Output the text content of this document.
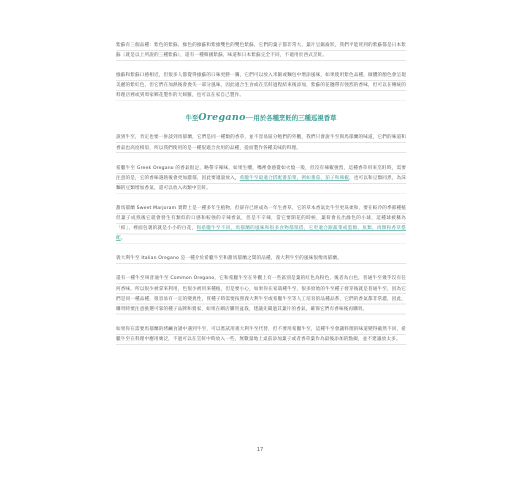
紫蘇有三個品種：紫色的紫蘇、綠色的綠蘇和紫綠雙色的雙色紫蘇，它們的葉子都非常大，葉片呈鋸齒狀，我們平能買到的紫蘇都是日本紫蘇（就是以上所說的三種紫蘇），還有一種韓國紫蘇，味道和日本紫蘇完全不同，不適用於西式烹飪。

綠蘇和紫蘇口感相近，但很多人都覺得綠蘇的口味更勝一籌，它們可以放入米飯或麵包中增添風味，如果使用紫色品種，做體的顏色會呈現美麗的紫紅色，但它們在加熱後會喪失一部分風味，因此適合生食或在烹飪過程結束後添加，紫蘇的花穗帶有強烈的香味，但可以在傳統的料理店裡或到周家鄉花製作的天婦羅，也可以在家自己製作。

牛至 Oregano ──用於各種烹飪的三種巡視香草

說到牛至，肯定也要一併談到馬郁蘭，它們是同一種類的香草，並不容易區分牠們的外觀，我們只會說牛至與馬郁蘭的味道，它們的味道和香氣也高度相似，所以我們使用的是一種很適合食用的品種，從而製作各種美味的料理。

希臘牛至 Greek Oregano 的香氣很足，略帶辛辣味，如果生嚼，嘴裡會感覺如火燒一般，但沒有辣椒強烈，這種香草用來烹飪時，需要注意的是，它的香味遇熱後會更加濃郁，因此要適量放入，希臘牛至最適合搭配番茄菜，例如番茄、茄子和辣椒，也可以和豆類同煮，為沫麵的豆類增加香氣，還可以放入肉類中烹飪。

甜馬郁蘭 Sweet Marjoram 實際上是一種多年生植物，但卻存已經成為一年生香草，它的草本香氣比牛至更爲柔和，要在較冷的季節種植但葉子成熟後它就會發生有類似的口感和較強的辛辣香氣，但是不辛辣，當它要開花的時候，葉荷會長出綠色的小球，這種球被稱為「結」，裡面包裹的就是小小的白花，和希臘牛至不同，馬郁蘭的風味和很多食物都很搭，它更適合跟蔬菜或蛋類、魚類、肉類和香草搭配。

義大利牛至 Italian Oregano 是一種介於希臘牛至和甜馬郁蘭之間的品種，義大利牛至的風味很像馬郁蘭。

還有一種牛至叫普通牛至 Common Oregano，它和希臘牛至在外觀上有一些區別是葉的紅色為粉色，後者為白色，普通牛至幾乎沒有任何香味，所以很少被拿來利用，色很少被用來種植，但是要小心，如果你在家栽種牛至，很多原始的牛至種子發芽後就是普通牛至，因為它們是同一種品種，很容易有一定的變異性，買種子時需要按照義大利牛至或希臘牛至等人工培育的品種品系，它們的香氣都非常濃，因此，購買時要注意挑選可靠的種子品牌和賣家，如果在網店購買盆栽，建議先聞過其葉片的香氣，確保它們有香味後再購買。

如果你在需要馬郁蘭的烤鹹食譜中遇到牛至，可以嘗試用義大利牛至代替，但不要用希臘牛至，這種牛至會讓料理的味道變得截然不同，希臘牛至在料理中應用廣泛，不過可以在烹飪中時放入一些，無數量地上桌前添加葉子或者香草葉作為最後添加的點綴，並不建議放太多。

17
